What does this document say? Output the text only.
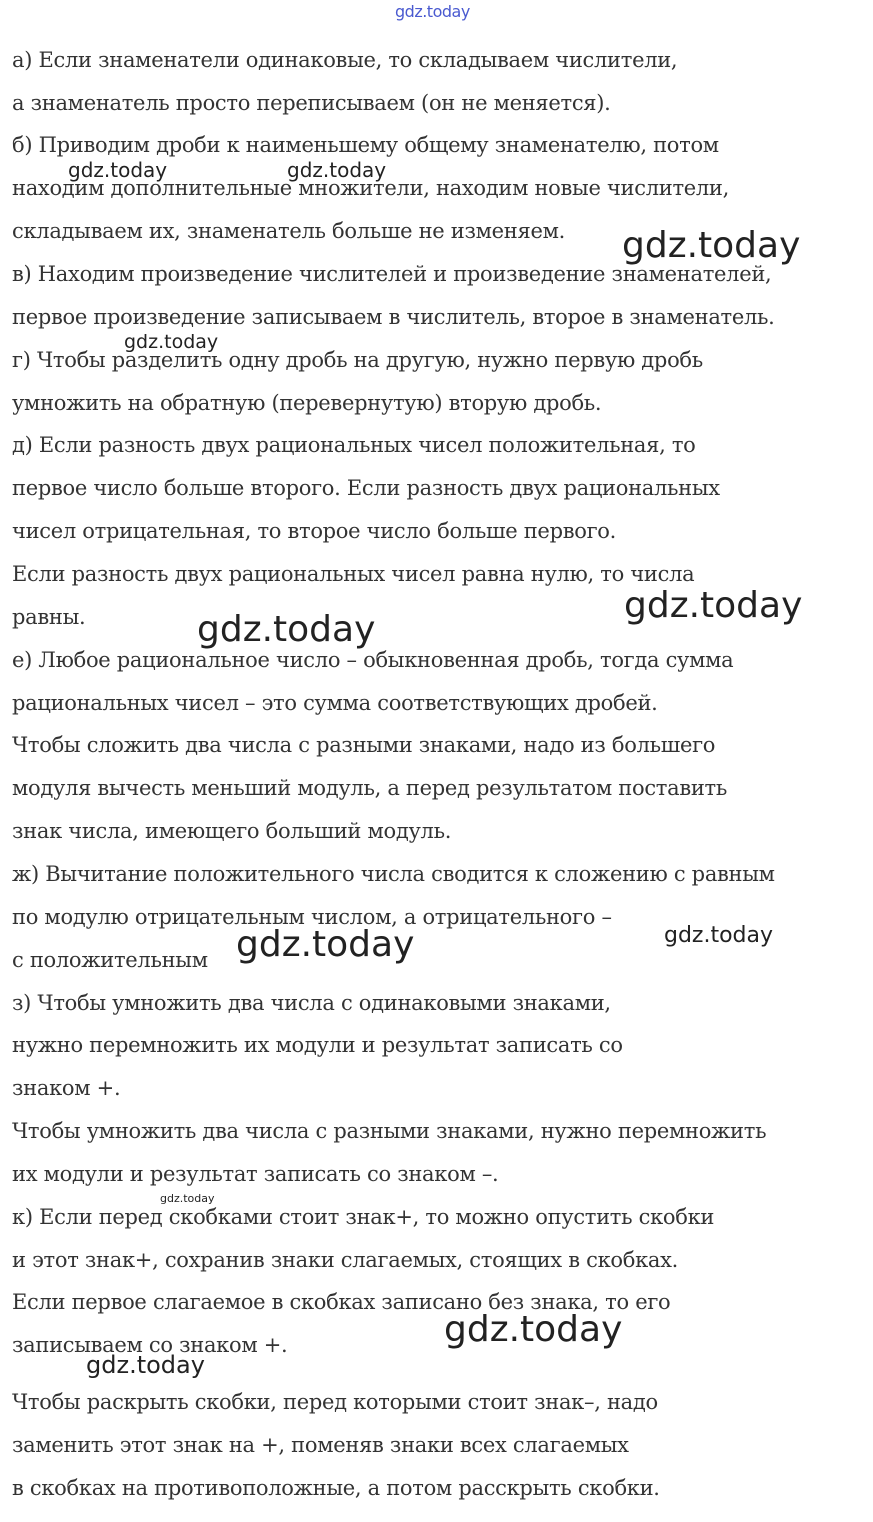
gdz.today

а) Если знаменатели одинаковые, то складываем числители,

а знаменатель просто переписываем (он не меняется).

б) Приводим дроби к наименьшему общему знаменателю, потом

находим дополнительные множители, находим новые числители,

складываем их, знаменатель больше не изменяем.

в) Находим произведение числителей и произведение знаменателей,

первое произведение записываем в числитель, второе в знаменатель.

г) Чтобы разделить одну дробь на другую, нужно первую дробь

умножить на обратную (перевернутую) вторую дробь.

д) Если разность двух рациональных чисел положительная, то

первое число больше второго. Если разность двух рациональных

чисел отрицательная, то второе число больше первого.

Если разность двух рациональных чисел равна нулю, то числа

равны.

е) Любое рациональное число – обыкновенная дробь, тогда сумма

рациональных чисел – это сумма соответствующих дробей.

Чтобы сложить два числа с разными знаками, надо из большего

модуля вычесть меньший модуль, а перед результатом поставить

знак числа, имеющего больший модуль.

ж) Вычитание положительного числа сводится к сложению с равным

по модулю отрицательным числом, а отрицательного –

с положительным

з) Чтобы умножить два числа с одинаковыми знаками,

нужно перемножить их модули и результат записать со

знаком +.

Чтобы умножить два числа с разными знаками, нужно перемножить

их модули и результат записать со знаком –.

к) Если перед скобками стоит знак+, то можно опустить скобки

и этот знак+, сохранив знаки слагаемых, стоящих в скобках.

Если первое слагаемое в скобках записано без знака, то его

записываем со знаком +.

Чтобы раскрыть скобки, перед которыми стоит знак–, надо

заменить этот знак на +, поменяв знаки всех слагаемых

в скобках на противоположные, а потом расскрыть скобки.

gdz.today	gdz.today
gdz.today
gdz.today
gdz.today
gdz.today
gdz.today	gdz.today
gdz.today
gdz.today
gdz.today
